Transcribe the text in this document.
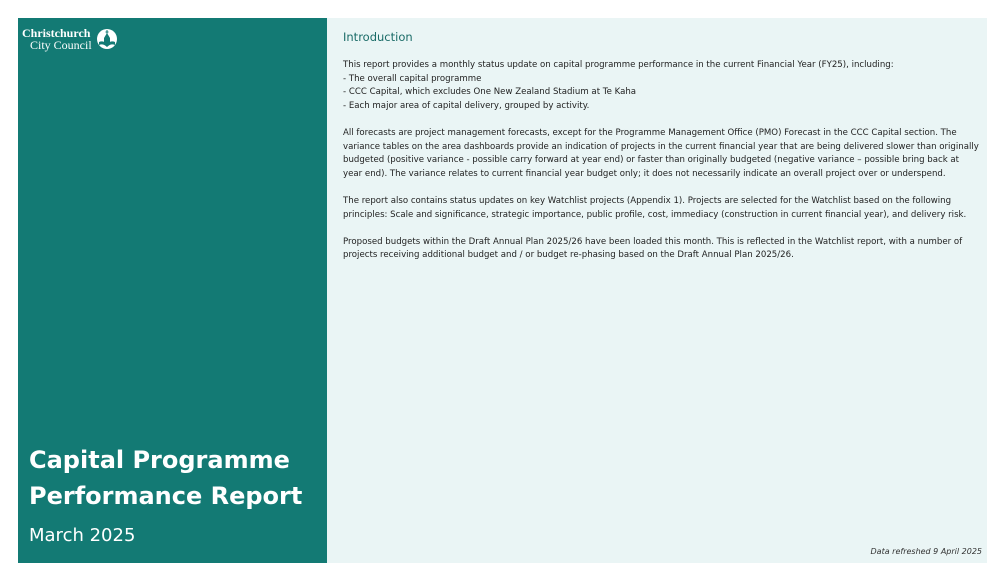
Christchurch
City Council
Capital Programme
Performance Report
March 2025
Introduction

This report provides a monthly status update on capital programme performance in the current Financial Year (FY25), including:
- The overall capital programme
- CCC Capital, which excludes One New Zealand Stadium at Te Kaha
- Each major area of capital delivery, grouped by activity.

All forecasts are project management forecasts, except for the Programme Management Office (PMO) Forecast in the CCC Capital section. The variance tables on the area dashboards provide an indication of projects in the current financial year that are being delivered slower than originally budgeted (positive variance - possible carry forward at year end) or faster than originally budgeted (negative variance – possible bring back at year end). The variance relates to current financial year budget only; it does not necessarily indicate an overall project over or underspend.

The report also contains status updates on key Watchlist projects (Appendix 1). Projects are selected for the Watchlist based on the following principles: Scale and significance, strategic importance, public profile, cost, immediacy (construction in current financial year), and delivery risk.

Proposed budgets within the Draft Annual Plan 2025/26 have been loaded this month. This is reflected in the Watchlist report, with a number of projects receiving additional budget and / or budget re-phasing based on the Draft Annual Plan 2025/26.

Data refreshed 9 April 2025
